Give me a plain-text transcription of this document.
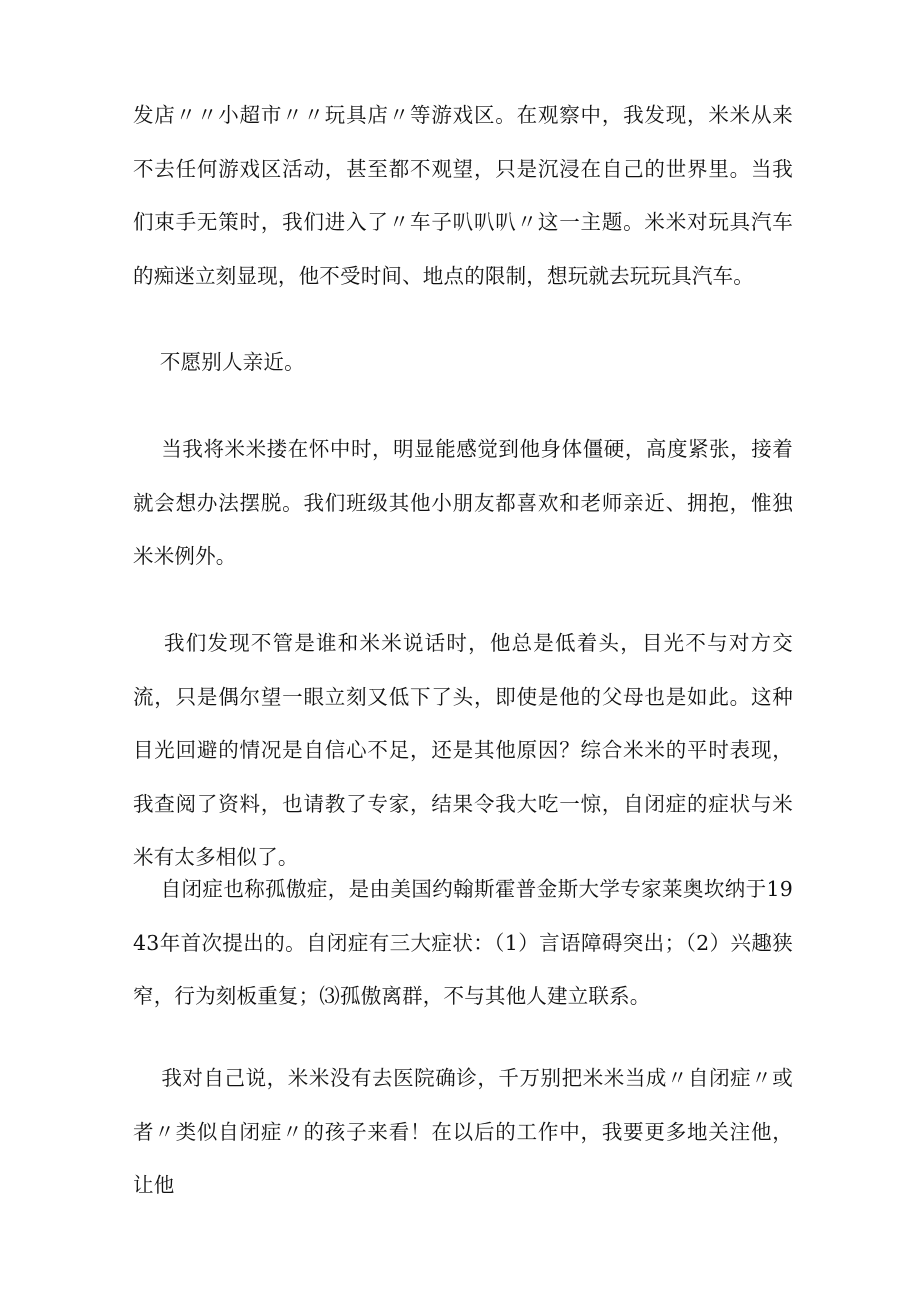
发店〃〃小超市〃〃玩具店〃等游戏区。在观察中，我发现，米米从来不去任何游戏区活动，甚至都不观望，只是沉浸在自己的世界里。当我们束手无策时，我们进入了〃车子叭叭叭〃这一主题。米米对玩具汽车的痴迷立刻显现，他不受时间、地点的限制，想玩就去玩玩具汽车。

不愿别人亲近。

当我将米米搂在怀中时，明显能感觉到他身体僵硬，高度紧张，接着就会想办法摆脱。我们班级其他小朋友都喜欢和老师亲近、拥抱，惟独米米例外。

我们发现不管是谁和米米说话时，他总是低着头，目光不与对方交流，只是偶尔望一眼立刻又低下了头，即使是他的父母也是如此。这种目光回避的情况是自信心不足，还是其他原因？综合米米的平时表现，我查阅了资料，也请教了专家，结果令我大吃一惊，自闭症的症状与米米有太多相似了。

自闭症也称孤傲症，是由美国约翰斯霍普金斯大学专家莱奥坎纳于1943年首次提出的。自闭症有三大症状：（1）言语障碍突出；（2）兴趣狭窄，行为刻板重复；⑶孤傲离群，不与其他人建立联系。

我对自己说，米米没有去医院确诊，千万别把米米当成〃自闭症〃或者〃类似自闭症〃的孩子来看！在以后的工作中，我要更多地关注他，让他
